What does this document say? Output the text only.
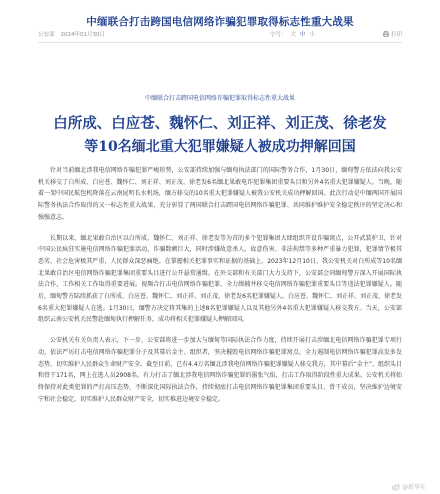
中缅联合打击跨国电信网络诈骗犯罪取得标志性重大战果
公安部 2024年01月30日	字号： 大 中 小	打印
中缅联合打击跨国电信网络诈骗犯罪取得标志性重大战果
白所成、白应苍、魏怀仁、刘正祥、刘正茂、徐老发
等10名缅北重大犯罪嫌疑人被成功押解回国

针对当前缅北涉我电信网络诈骗犯罪严峻形势，公安部持续加强与缅甸执法部门的国际警务合作，1月30日，缅甸警方依法向我公安机关移交了白所成、白应苍、魏怀仁、刘正祥、刘正茂、徐老发6名缅北果敢电诈犯罪集团重要头目和另外4名重大犯罪嫌疑人。当晚，随着一架中国民航包机降落在云南昆明长水机场，缅方移交的10名重大犯罪嫌疑人被我公安机关成功押解回国。此次行动是中缅两国开展国际警务执法合作取得的又一标志性重大战果，充分彰显了两国联合打击跨国电信网络诈骗犯罪、共同维护维护安全稳定秩序的坚定决心和强强意志。

长期以来，缅北果敢自治区以白所成、魏怀仁、刘正祥、徐老发等为首的多个犯罪集团大肆组织开设诈骗窝点，公开武装护卫，针对中国公民疯狂实施电信网络诈骗犯罪活动，诈骗数额巨大，同时涉嫌故意杀人、故意伤害、非法拘禁等多种严重暴力犯罪，犯罪情节极其恶劣，社会危害极其严重，人民群众深恶痛绝。在掌握相关犯罪事实和证据的基础上，2023年12月10日，我公安机关对白所成等10名缅北果敢自治区电信网络诈骗犯罪集团重要头目进行公开悬赏通缉。在外交部和有关部门大力支持下，公安部会同缅甸警方深入开展国际执法合作，工作相关工作取得重要进展。视频合打击电信网络诈骗犯罪、全力缉捕并移交电信网络诈骗犯罪重要头目等违法犯罪嫌疑人。随后，缅甸警方陆续抓获了白所成、白应苍、魏怀仁、刘正祥、刘正茂、徐老发6名犯罪嫌疑人。白应苍、魏怀仁、刘正祥、刘正茂、徐老发6名重大犯罪嫌疑人在逃。1月30日，缅警方决定将其集的上述8名犯罪嫌疑人以及其他另外4名重大犯罪嫌疑人移交我方。当天，公安部组织云南公安机关民警赴缅甸执行押解任务，成功将相关犯罪嫌疑人押解回国。

公安机关有关负责人表示，下一步，公安部将进一步加大与缅甸等国际执法合作力度，持续开展打击涉缅北电信网络诈骗犯罪专项行动，依法严厉打击电信网络诈骗犯罪分子及其幕后金主、组织者，坚决摧毁电信网络诈骗犯罪窝点，全力遏制电信网络诈骗犯罪高发多发态势，切实维护人民群众生命财产安全。截至目前，已有4.4万名缅北涉我电信网络诈骗犯罪嫌疑人移交我方，其中幕后“金主”、组织头目和骨干171名，网上在逃人员2908名，有力打击了缅北涉我电信网络诈骗犯罪的嚣张气焰，打击工作取得阶段性重大成果。公安机关将始终保持对此类犯罪的严打高压态势，不断深化国际执法合作，持续彻底打击电信网络诈骗犯罪集团重要头目、骨干成员，坚决维护边境安宁和社会稳定，切实维护人民群众财产安全，切实推进边境安全稳定。

@新华社
